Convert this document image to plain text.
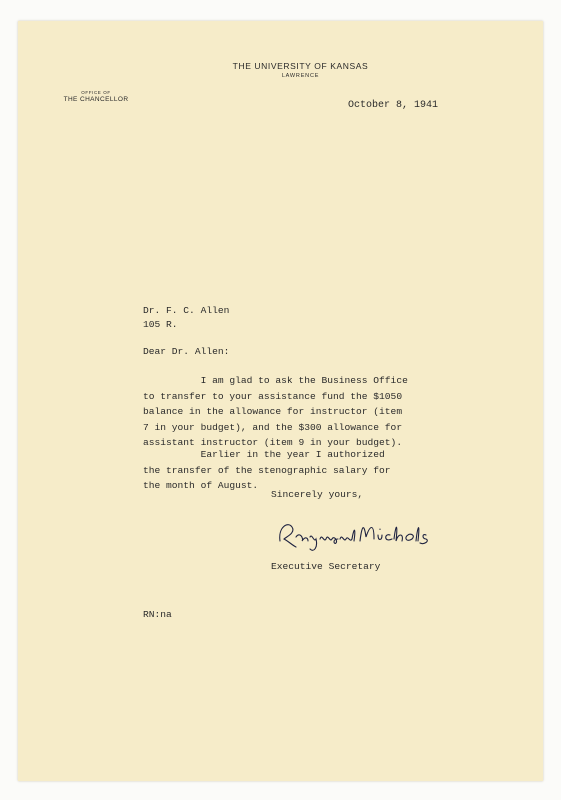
THE UNIVERSITY OF KANSAS
LAWRENCE
OFFICE OF
THE CHANCELLOR
October 8, 1941
Dr. F. C. Allen
105 R.
Dear Dr. Allen:
I am glad to ask the Business Office
to transfer to your assistance fund the $1050
balance in the allowance for instructor (item
7 in your budget), and the $300 allowance for
assistant instructor (item 9 in your budget).
Earlier in the year I authorized
the transfer of the stenographic salary for
the month of August.
Sincerely yours,
Executive Secretary
RN:na
